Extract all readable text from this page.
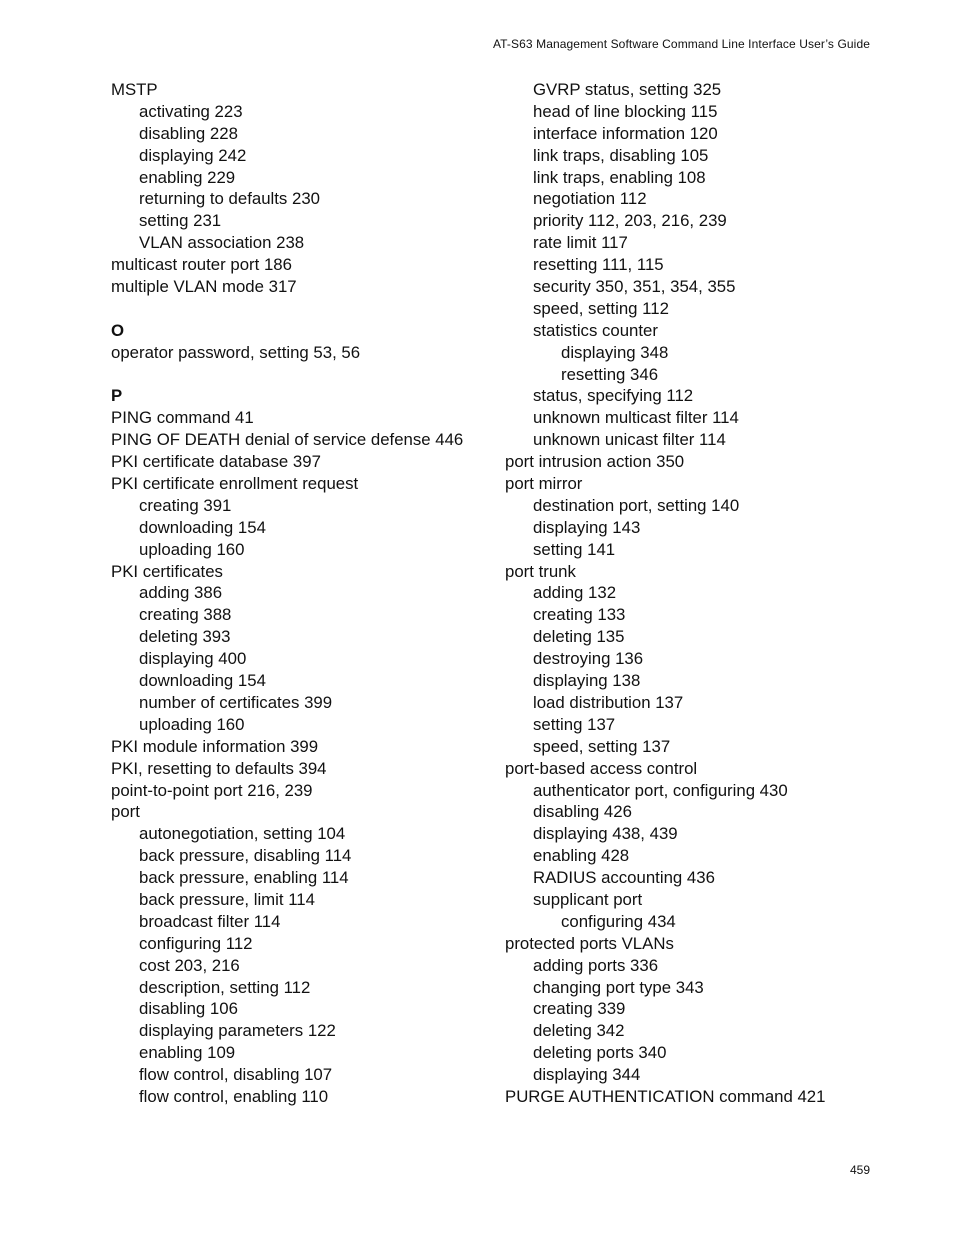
AT-S63 Management Software Command Line Interface User’s Guide
MSTP
activating 223
disabling 228
displaying 242
enabling 229
returning to defaults 230
setting 231
VLAN association 238
multicast router port 186
multiple VLAN mode 317
O
operator password, setting 53, 56
P
PING command 41
PING OF DEATH denial of service defense 446
PKI certificate database 397
PKI certificate enrollment request
creating 391
downloading 154
uploading 160
PKI certificates
adding 386
creating 388
deleting 393
displaying 400
downloading 154
number of certificates 399
uploading 160
PKI module information 399
PKI, resetting to defaults 394
point-to-point port 216, 239
port
autonegotiation, setting 104
back pressure, disabling 114
back pressure, enabling 114
back pressure, limit 114
broadcast filter 114
configuring 112
cost 203, 216
description, setting 112
disabling 106
displaying parameters 122
enabling 109
flow control, disabling 107
flow control, enabling 110
GVRP status, setting 325
head of line blocking 115
interface information 120
link traps, disabling 105
link traps, enabling 108
negotiation 112
priority 112, 203, 216, 239
rate limit 117
resetting 111, 115
security 350, 351, 354, 355
speed, setting 112
statistics counter
displaying 348
resetting 346
status, specifying 112
unknown multicast filter 114
unknown unicast filter 114
port intrusion action 350
port mirror
destination port, setting 140
displaying 143
setting 141
port trunk
adding 132
creating 133
deleting 135
destroying 136
displaying 138
load distribution 137
setting 137
speed, setting 137
port-based access control
authenticator port, configuring 430
disabling 426
displaying 438, 439
enabling 428
RADIUS accounting 436
supplicant port
configuring 434
protected ports VLANs
adding ports 336
changing port type 343
creating 339
deleting 342
deleting ports 340
displaying 344
PURGE AUTHENTICATION command 421
459
